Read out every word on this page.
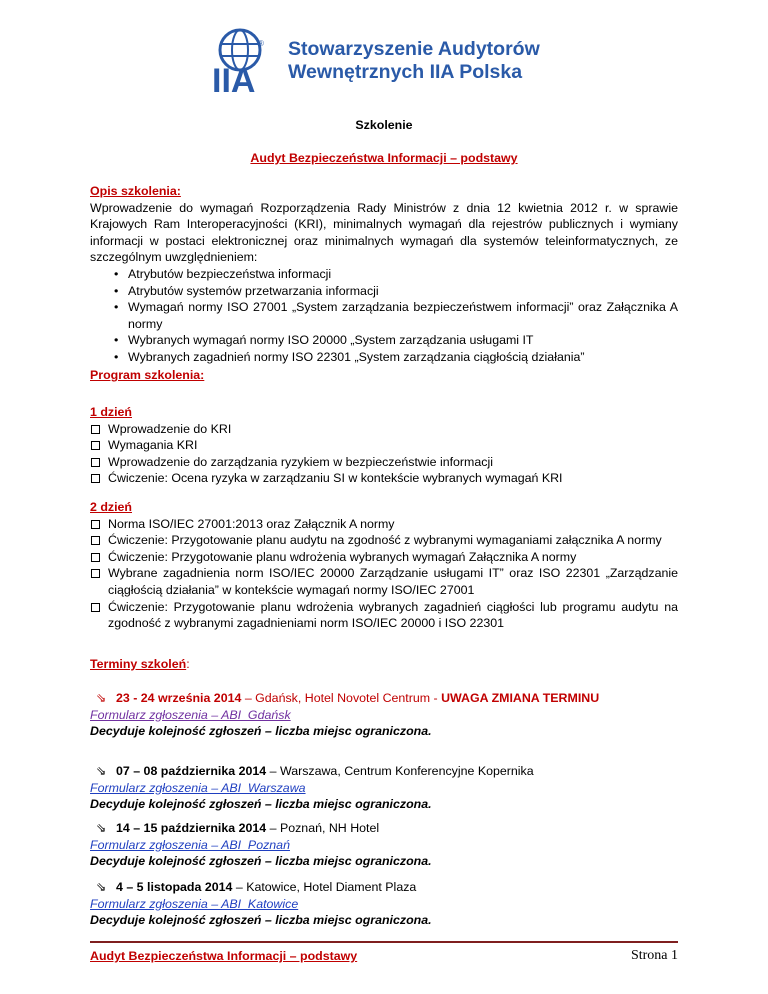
IIA
® Stowarzyszenie Audytorów
Wewnętrznych IIA Polska
Szkolenie
Audyt Bezpieczeństwa Informacji – podstawy
Opis szkolenia:
Wprowadzenie do wymagań Rozporządzenia Rady Ministrów z dnia 12 kwietnia 2012 r. w sprawie Krajowych Ram Interoperacyjności (KRI), minimalnych wymagań dla rejestrów publicznych i wymiany informacji w postaci elektronicznej oraz minimalnych wymagań dla systemów teleinformatycznych, ze szczególnym uwzględnieniem:
• Atrybutów bezpieczeństwa informacji
• Atrybutów systemów przetwarzania informacji
• Wymagań normy ISO 27001 „System zarządzania bezpieczeństwem informacji” oraz Załącznika A normy
• Wybranych wymagań normy ISO 20000 „System zarządzania usługami IT
• Wybranych zagadnień normy ISO 22301 „System zarządzania ciągłością działania”
Program szkolenia:
1 dzień
Wprowadzenie do KRI
Wymagania KRI
Wprowadzenie do zarządzania ryzykiem w bezpieczeństwie informacji
Ćwiczenie: Ocena ryzyka w zarządzaniu SI w kontekście wybranych wymagań KRI
2 dzień
Norma ISO/IEC 27001:2013 oraz Załącznik A normy
Ćwiczenie: Przygotowanie planu audytu na zgodność z wybranymi wymaganiami załącznika A normy
Ćwiczenie: Przygotowanie planu wdrożenia wybranych wymagań Załącznika A normy
Wybrane zagadnienia norm ISO/IEC 20000 Zarządzanie usługami IT” oraz ISO 22301 „Zarządzanie ciągłością działania” w kontekście wymagań normy ISO/IEC 27001
Ćwiczenie: Przygotowanie planu wdrożenia wybranych zagadnień ciągłości lub programu audytu na zgodność z wybranymi zagadnieniami norm ISO/IEC 20000 i ISO 22301
Terminy szkoleń:
⇘ 23 - 24 września 2014 – Gdańsk, Hotel Novotel Centrum - UWAGA ZMIANA TERMINU
Formularz zgłoszenia – ABI_Gdańsk
Decyduje kolejność zgłoszeń – liczba miejsc ograniczona.
⇘ 07 – 08 października 2014 – Warszawa, Centrum Konferencyjne Kopernika
Formularz zgłoszenia – ABI_Warszawa
Decyduje kolejność zgłoszeń – liczba miejsc ograniczona.
⇘ 14 – 15 października 2014 – Poznań, NH Hotel
Formularz zgłoszenia – ABI_Poznań
Decyduje kolejność zgłoszeń – liczba miejsc ograniczona.
⇘ 4 – 5 listopada 2014 – Katowice, Hotel Diament Plaza
Formularz zgłoszenia – ABI_Katowice
Decyduje kolejność zgłoszeń – liczba miejsc ograniczona.
Audyt Bezpieczeństwa Informacji – podstawy	Strona 1
